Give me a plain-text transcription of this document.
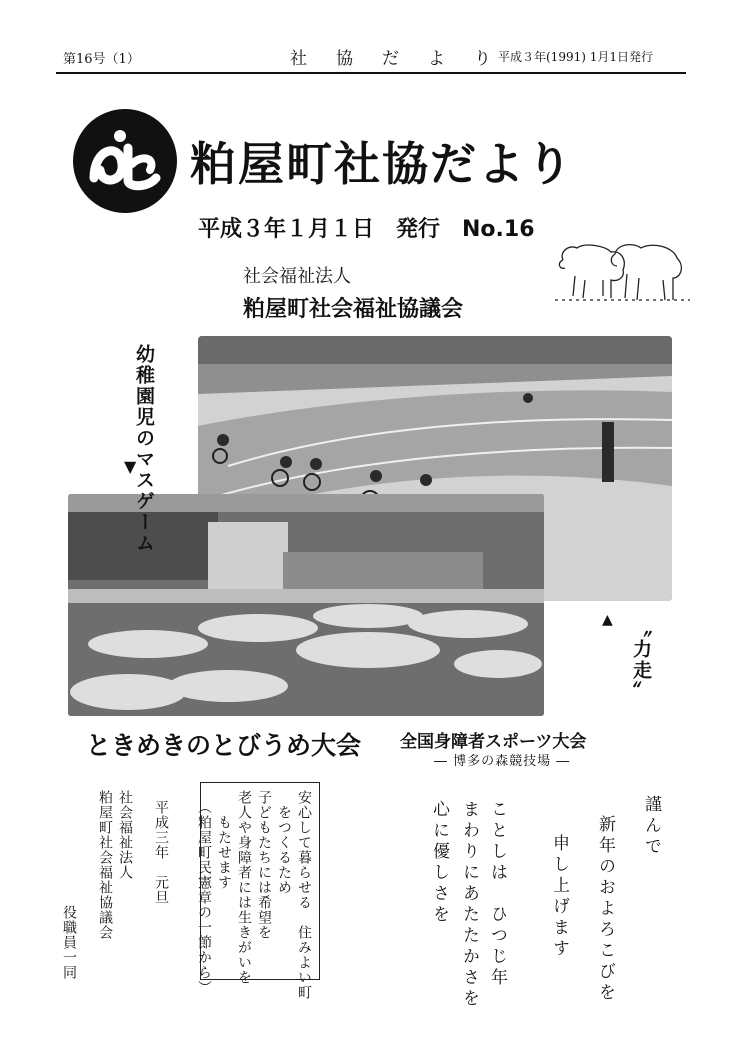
第16号（1）	社　協　だ　よ　り 平成３年(1991) 1月1日発行
粕屋町社協だより
平成３年１月１日　発行　No.16
社会福祉法人
粕屋町社会福祉協議会
幼稚園児のマスゲーム
▼
〝力走〞
▲
ときめきのとびうめ大会 全国身障者スポーツ大会
― 博多の森競技場 ―
謹んで
新年のおよろこびを
申し上げます
ことしは　ひつじ年
まわりにあたたかさを
心に優しさを
安心して暮らせる　住みよい町
をつくるため
子どもたちには希望を
老人や身障者には生きがいを
もたせます
（粕屋町民憲章の一節から）
平成三年　元旦
社会福祉法人
粕屋町社会福祉協議会
役職員一同
